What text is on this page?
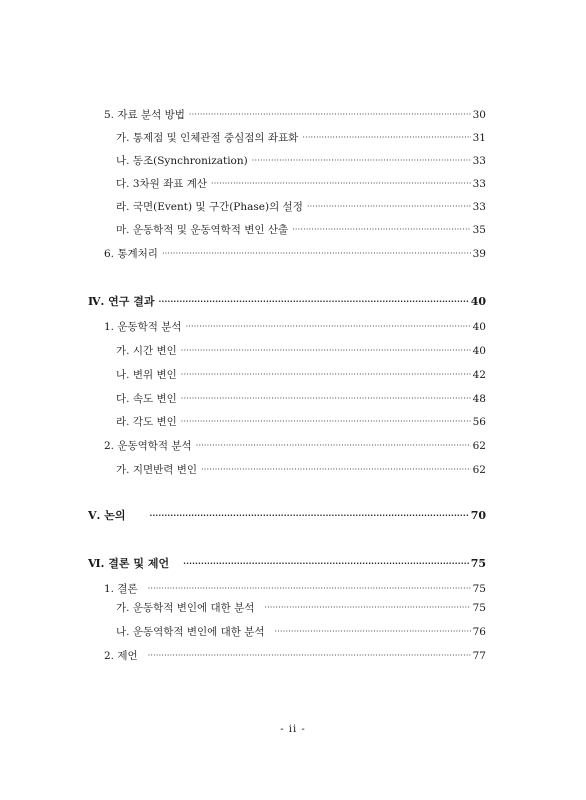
5. 자료 분석 방법 ·····	30
가. 통제점 및 인체관절 중심점의 좌표화 ·····	31
나. 동조(Synchronization) ·····	33
다. 3차원 좌표 계산 ·····	33
라. 국면(Event) 및 구간(Phase)의 설정 ·····	33
마. 운동학적 및 운동역학적 변인 산출 ·····	35
6. 통계처리 ·····	39
Ⅳ. 연구 결과 ·····	40
1. 운동학적 분석 ·····	40
가. 시간 변인 ·····	40
나. 변위 변인 ·····	42
다. 속도 변인 ·····	48
라. 각도 변인 ·····	56
2. 운동역학적 분석 ·····	62
가. 지면반력 변인 ·····	62
Ⅴ. 논의 ·····	70
Ⅵ. 결론 및 제언 ·····	75
1. 결론 ·····	75
가. 운동학적 변인에 대한 분석 ·····	75
나. 운동역학적 변인에 대한 분석 ·····	76
2. 제언 ·····	77
- ii -
